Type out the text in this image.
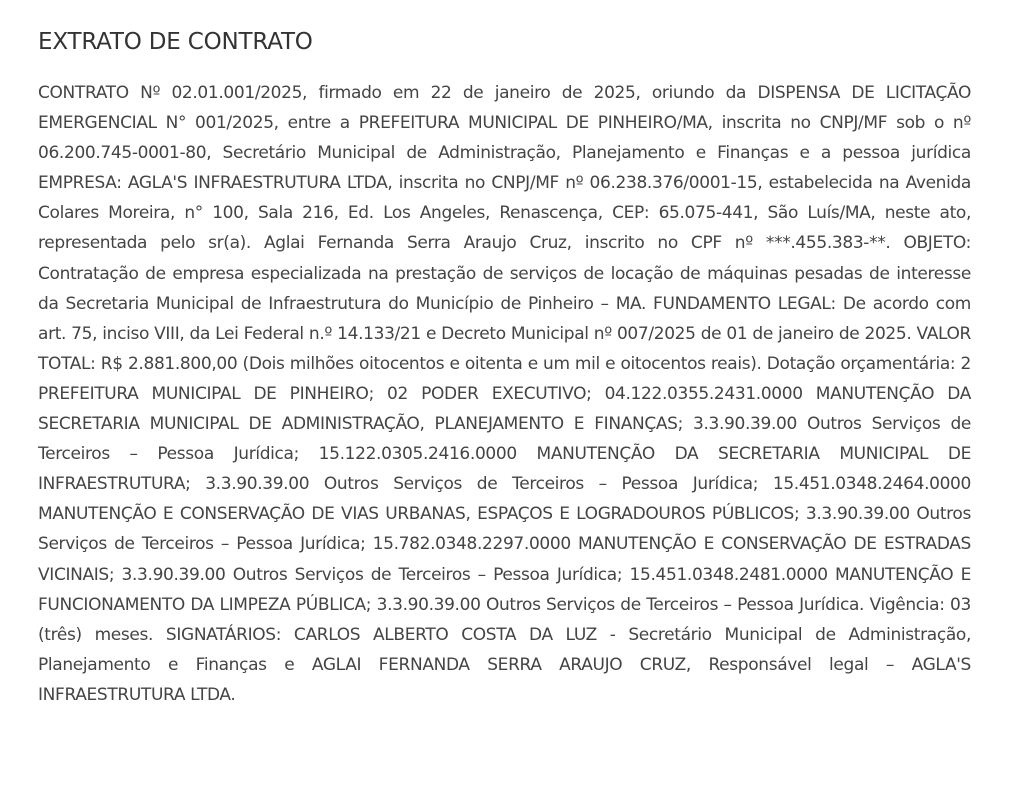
EXTRATO DE CONTRATO

CONTRATO Nº 02.01.001/2025, firmado em 22 de janeiro de 2025, oriundo da DISPENSA DE LICITAÇÃO EMERGENCIAL N° 001/2025, entre a PREFEITURA MUNICIPAL DE PINHEIRO/MA, inscrita no CNPJ/MF sob o nº 06.200.745-0001-80, Secretário Municipal de Administração, Planejamento e Finanças e a pessoa jurídica EMPRESA: AGLA'S INFRAESTRUTURA LTDA, inscrita no CNPJ/MF nº 06.238.376/0001-15, estabelecida na Avenida Colares Moreira, n° 100, Sala 216, Ed. Los Angeles, Renascença, CEP: 65.075-441, São Luís/MA, neste ato, representada pelo sr(a). Aglai Fernanda Serra Araujo Cruz, inscrito no CPF nº ***.455.383-**. OBJETO: Contratação de empresa especializada na prestação de serviços de locação de máquinas pesadas de interesse da Secretaria Municipal de Infraestrutura do Município de Pinheiro – MA. FUNDAMENTO LEGAL: De acordo com art. 75, inciso VIII, da Lei Federal n.º 14.133/21 e Decreto Municipal nº 007/2025 de 01 de janeiro de 2025. VALOR TOTAL: R$ 2.881.800,00 (Dois milhões oitocentos e oitenta e um mil e oitocentos reais). Dotação orçamentária: 2 PREFEITURA MUNICIPAL DE PINHEIRO; 02 PODER EXECUTIVO; 04.122.0355.2431.0000 MANUTENÇÃO DA SECRETARIA MUNICIPAL DE ADMINISTRAÇÃO, PLANEJAMENTO E FINANÇAS; 3.3.90.39.00 Outros Serviços de Terceiros – Pessoa Jurídica; 15.122.0305.2416.0000 MANUTENÇÃO DA SECRETARIA MUNICIPAL DE INFRAESTRUTURA; 3.3.90.39.00 Outros Serviços de Terceiros – Pessoa Jurídica; 15.451.0348.2464.0000 MANUTENÇÃO E CONSERVAÇÃO DE VIAS URBANAS, ESPAÇOS E LOGRADOUROS PÚBLICOS; 3.3.90.39.00 Outros Serviços de Terceiros – Pessoa Jurídica; 15.782.0348.2297.0000 MANUTENÇÃO E CONSERVAÇÃO DE ESTRADAS VICINAIS; 3.3.90.39.00 Outros Serviços de Terceiros – Pessoa Jurídica; 15.451.0348.2481.0000 MANUTENÇÃO E FUNCIONAMENTO DA LIMPEZA PÚBLICA; 3.3.90.39.00 Outros Serviços de Terceiros – Pessoa Jurídica. Vigência: 03 (três) meses. SIGNATÁRIOS: CARLOS ALBERTO COSTA DA LUZ - Secretário Municipal de Administração, Planejamento e Finanças e AGLAI FERNANDA SERRA ARAUJO CRUZ, Responsável legal – AGLA'S INFRAESTRUTURA LTDA.
